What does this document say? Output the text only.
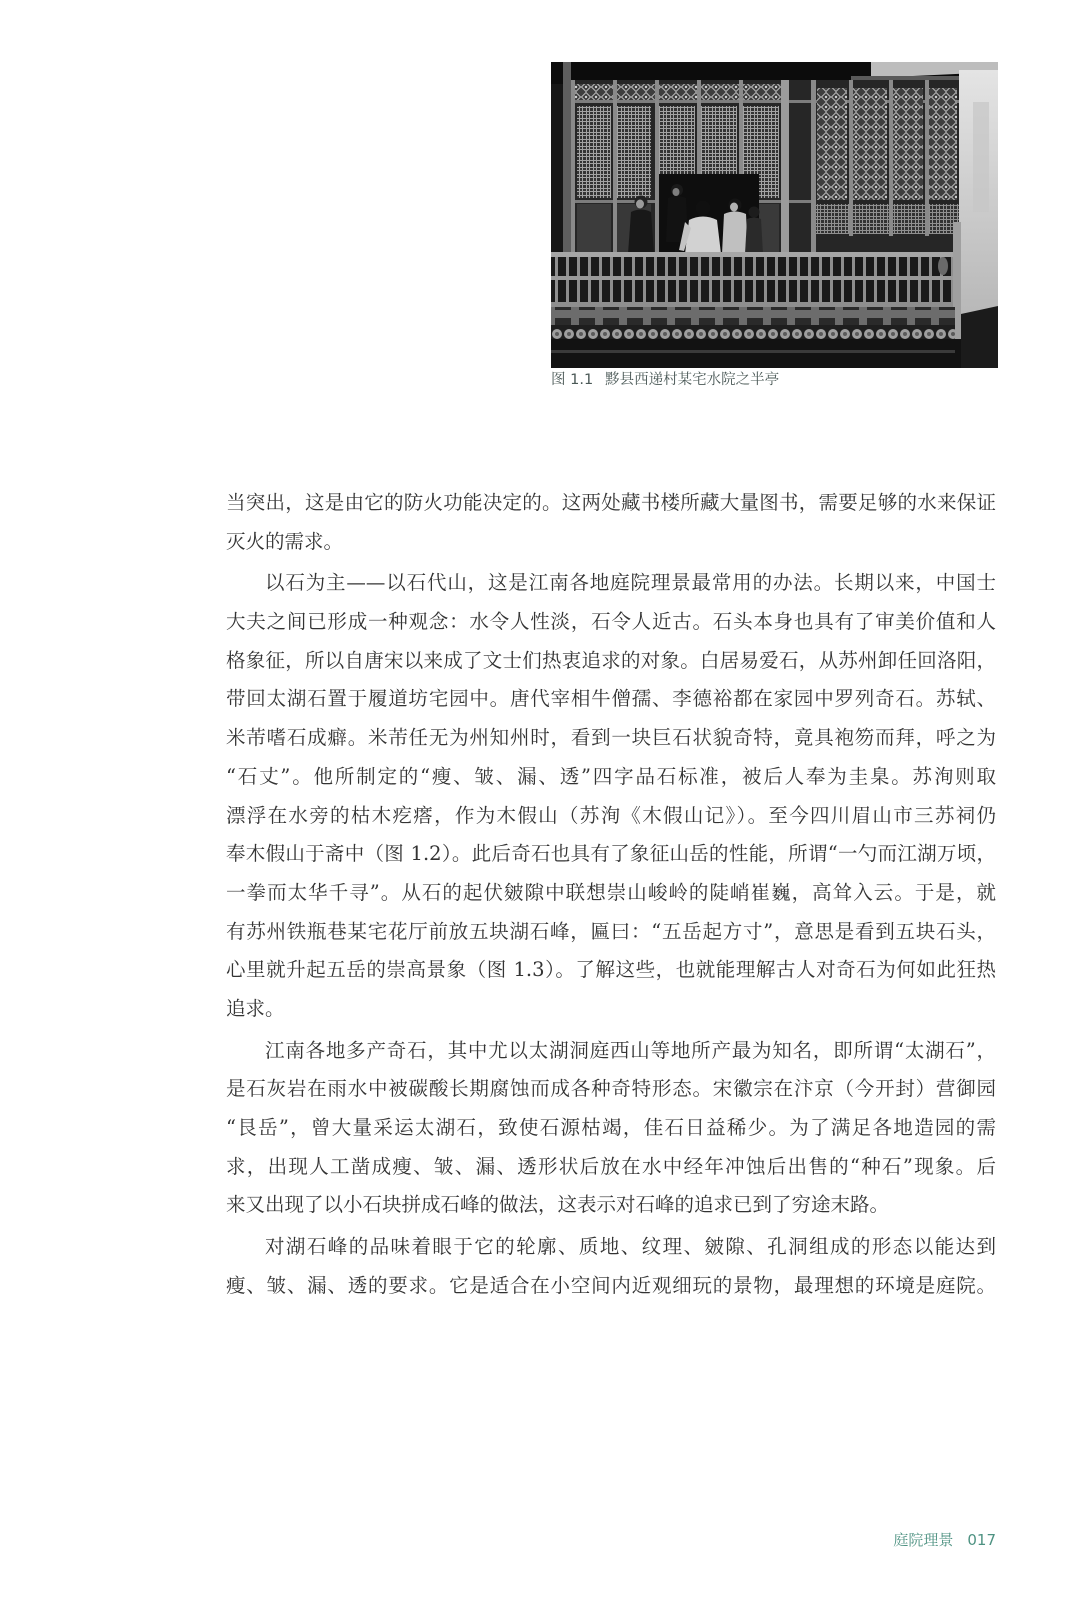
图 1.1 黟县西递村某宅水院之半亭
当突出，这是由它的防火功能决定的。这两处藏书楼所藏大量图书，需要足够的水来保证
灭火的需求。
以石为主——以石代山，这是江南各地庭院理景最常用的办法。长期以来，中国士
大夫之间已形成一种观念：水令人性淡，石令人近古。石头本身也具有了审美价值和人
格象征，所以自唐宋以来成了文士们热衷追求的对象。白居易爱石，从苏州卸任回洛阳，
带回太湖石置于履道坊宅园中。唐代宰相牛僧孺、李德裕都在家园中罗列奇石。苏轼、
米芾嗜石成癖。米芾任无为州知州时，看到一块巨石状貌奇特，竟具袍笏而拜，呼之为
“石丈”。他所制定的“瘦、皱、漏、透”四字品石标准，被后人奉为圭臬。苏洵则取
漂浮在水旁的枯木疙瘩，作为木假山（苏洵《木假山记》）。至今四川眉山市三苏祠仍
奉木假山于斋中（图 1.2）。此后奇石也具有了象征山岳的性能，所谓“一勺而江湖万顷，
一拳而太华千寻”。从石的起伏皴隙中联想崇山峻岭的陡峭崔巍，高耸入云。于是，就
有苏州铁瓶巷某宅花厅前放五块湖石峰，匾曰：“五岳起方寸”，意思是看到五块石头，
心里就升起五岳的崇高景象（图 1.3）。了解这些，也就能理解古人对奇石为何如此狂热
追求。
江南各地多产奇石，其中尤以太湖洞庭西山等地所产最为知名，即所谓“太湖石”，
是石灰岩在雨水中被碳酸长期腐蚀而成各种奇特形态。宋徽宗在汴京（今开封）营御园
“艮岳”，曾大量采运太湖石，致使石源枯竭，佳石日益稀少。为了满足各地造园的需
求，出现人工凿成瘦、皱、漏、透形状后放在水中经年冲蚀后出售的“种石”现象。后
来又出现了以小石块拼成石峰的做法，这表示对石峰的追求已到了穷途末路。
对湖石峰的品味着眼于它的轮廓、质地、纹理、皴隙、孔洞组成的形态以能达到
瘦、皱、漏、透的要求。它是适合在小空间内近观细玩的景物，最理想的环境是庭院。
庭院理景 017
